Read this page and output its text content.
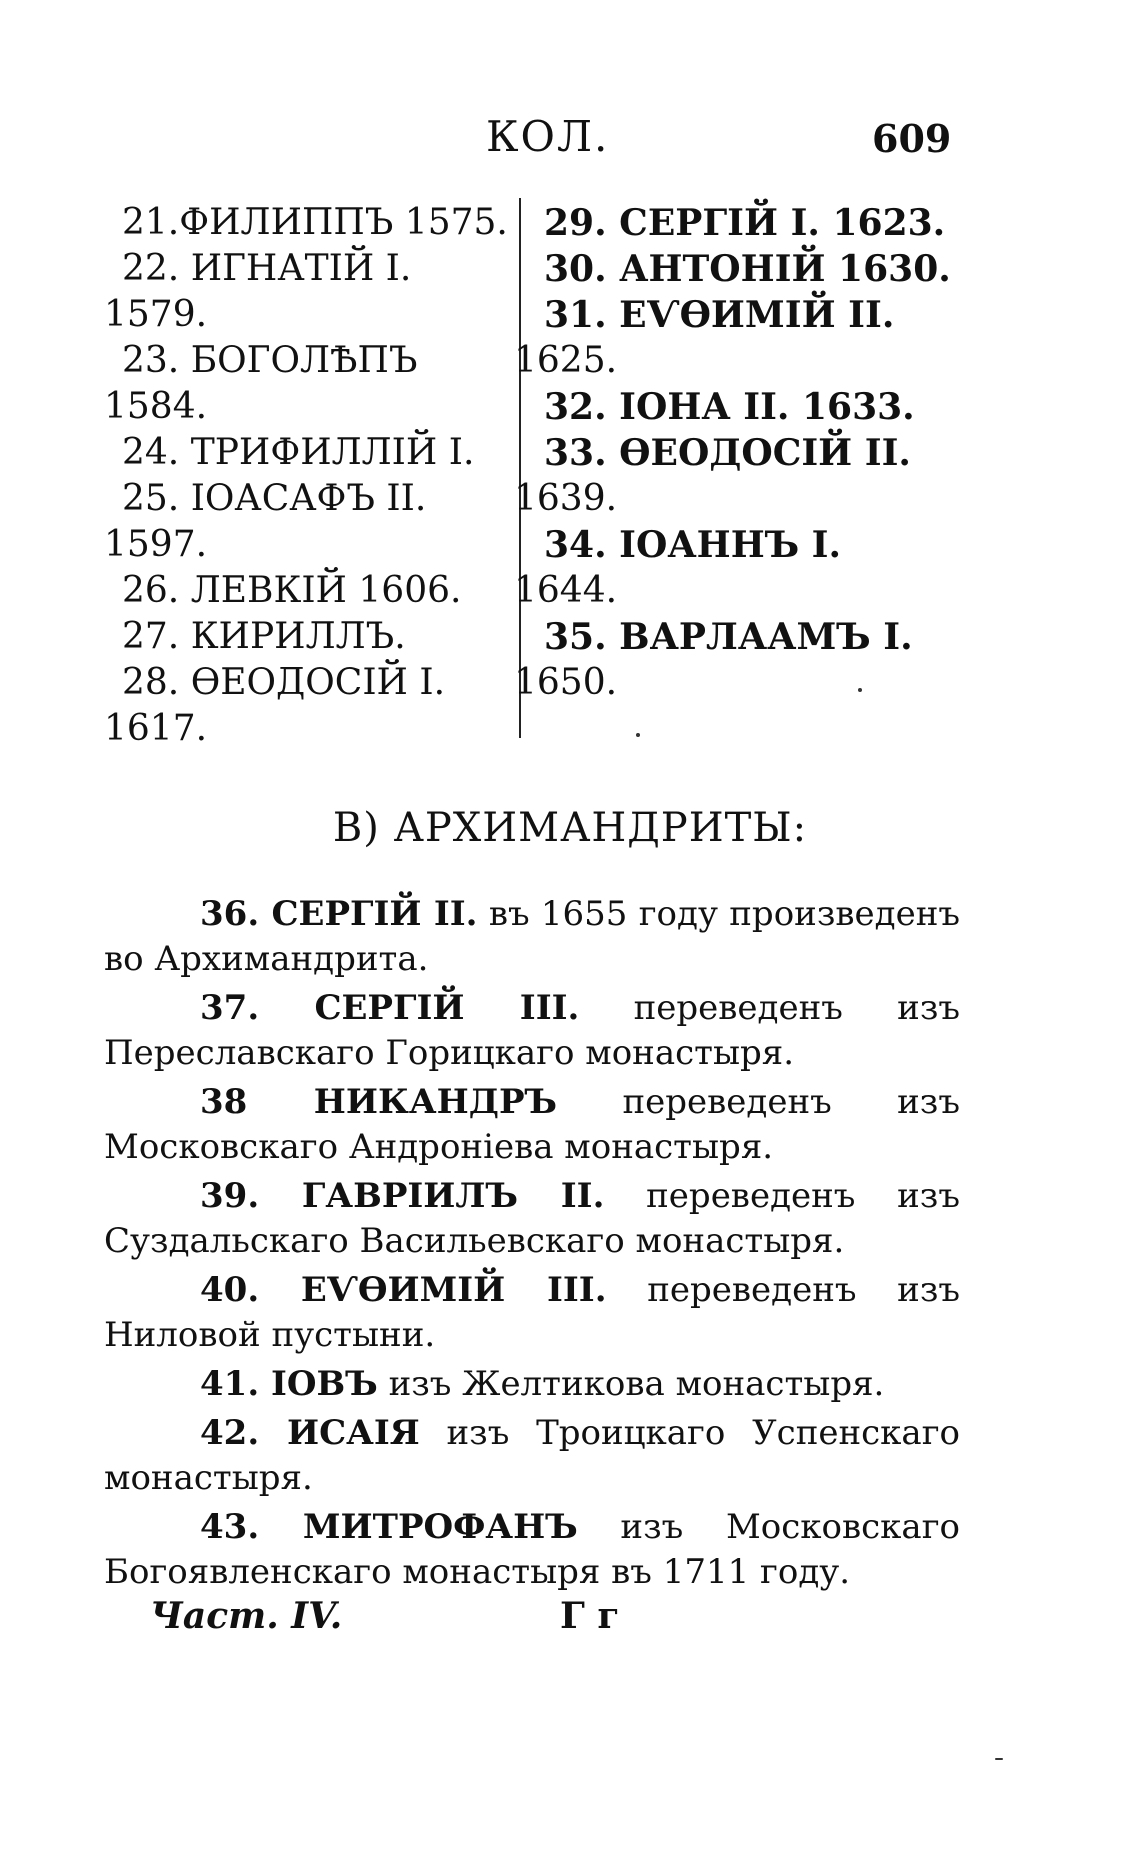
КОЛ.	609
21.ФИЛИППЪ 1575.
22. ИГНАТІЙ I.
1579.
23. БОГОЛѢПЪ
1584.
24. ТРИФИЛЛІЙ I.
25. IОАСАФЪ II.
1597.
26. ЛЕВКІЙ 1606.
27. КИРИЛЛЪ.
28. ѲЕОДОСІЙ I.
1617.
29. СЕРГІЙ I. 1623.
30. АНТОНІЙ 1630.
31. ЕѴѲИМІЙ II.
1625.
32. IОНА II. 1633.
33. ѲЕОДОСІЙ II.
1639.
34. IОАННЪ I.
1644.
35. ВАРЛААМЪ I.
1650.
В) АРХИМАНДРИТЫ:

36. СЕРГІЙ II. въ 1655 году произведенъ во Архимандрита.

37. СЕРГІЙ III. переведенъ изъ Переславскаго Горицкаго монастыря.

38 НИКАНДРЪ переведенъ изъ Московскаго Андроніева монастыря.

39. ГАВРІИЛЪ II. переведенъ изъ Суздальскаго Васильевскаго монастыря.

40. ЕѴѲИМІЙ III. переведенъ изъ Ниловой пустыни.

41. IОВЪ изъ Желтикова монастыря.

42. ИСАІЯ изъ Троицкаго Успенскаго монастыря.

43. МИТРОФАНЪ изъ Московскаго Богоявленскаго монастыря въ 1711 году.

Част. IV.	Г г
